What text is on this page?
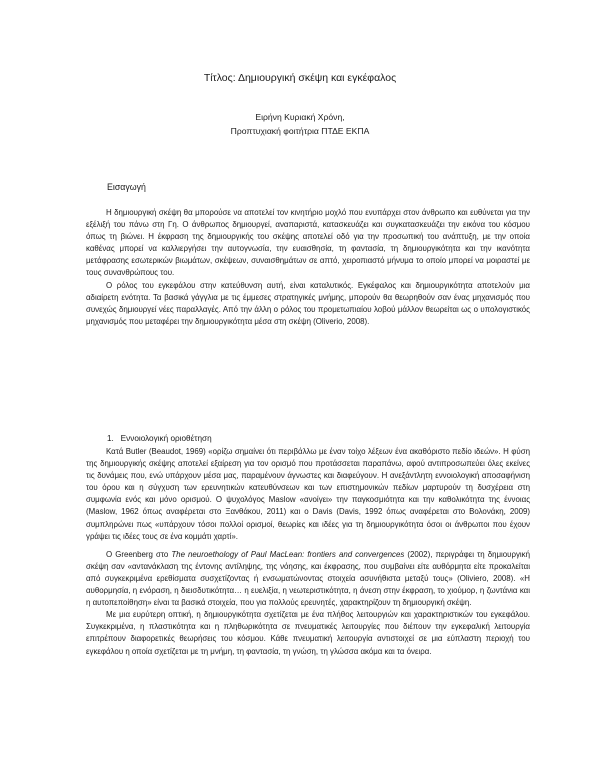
Τίτλος: Δημιουργική σκέψη και εγκέφαλος
Ειρήνη Κυριακή Χρόνη,
Προπτυχιακή φοιτήτρια ΠΤΔΕ ΕΚΠΑ
Εισαγωγή

Η δημιουργική σκέψη θα μπορούσε να αποτελεί τον κινητήριο μοχλό που ενυπάρχει στον άνθρωπο και ευθύνεται για την εξέλιξή του πάνω στη Γη. Ο άνθρωπος δημιουργεί, αναπαριστά, κατασκευάζει και συγκατασκευάζει την εικόνα του κόσμου όπως τη βιώνει. Η έκφραση της δημιουργικής του σκέψης αποτελεί οδό για την προσωπική του ανάπτυξη, με την οποία καθένας μπορεί να καλλιεργήσει την αυτογνωσία, την ευαισθησία, τη φαντασία, τη δημιουργικότητα και την ικανότητα μετάφρασης εσωτερικών βιωμάτων, σκέψεων, συναισθημάτων σε απτό, χειροπιαστό μήνυμα το οποίο μπορεί να μοιραστεί με τους συνανθρώπους του.

Ο ρόλος του εγκεφάλου στην κατεύθυνση αυτή, είναι καταλυτικός. Εγκέφαλος και δημιουργικότητα αποτελούν μια αδιαίρετη ενότητα. Τα βασικά γάγγλια με τις έμμεσες στρατηγικές μνήμης, μπορούν θα θεωρηθούν σαν ένας μηχανισμός που συνεχώς δημιουργεί νέες παραλλαγές. Από την άλλη ο ρόλος του προμετωπιαίου λοβού μάλλον θεωρείται ως ο υπολογιστικός μηχανισμός που μεταφέρει την δημιουργικότητα μέσα στη σκέψη (Oliverio, 2008).

1. Εννοιολογική οριοθέτηση

Κατά Butler (Beaudot, 1969) «ορίζω σημαίνει ότι περιβάλλω με έναν τοίχο λέξεων ένα ακαθόριστο πεδίο ιδεών». Η φύση της δημιουργικής σκέψης αποτελεί εξαίρεση για τον ορισμό που προτάσσεται παραπάνω, αφού αντιπροσωπεύει όλες εκείνες τις δυνάμεις που, ενώ υπάρχουν μέσα μας, παραμένουν άγνωστες και διαφεύγουν. Η ανεξάντλητη εννοιολογική αποσαφήνιση του όρου και η σύγχυση των ερευνητικών κατευθύνσεων και των επιστημονικών πεδίων μαρτυρούν τη δυσχέρεια στη συμφωνία ενός και μόνο ορισμού. Ο ψυχολόγος Maslow «ανοίγει» την παγκοσμιότητα και την καθολικότητα της έννοιας (Maslow, 1962 όπως αναφέρεται στο Ξανθάκου, 2011) και ο Davis (Davis, 1992 όπως αναφέρεται στο Βολονάκη, 2009) συμπληρώνει πως «υπάρχουν τόσοι πολλοί ορισμοί, θεωρίες και ιδέες για τη δημιουργικότητα όσοι οι άνθρωποι που έχουν γράψει τις ιδέες τους σε ένα κομμάτι χαρτί».

O Greenberg στο The neuroethology of Paul MacLean: frontiers and convergences (2002), περιγράφει τη δημιουργική σκέψη σαν «αντανάκλαση της έντονης αντίληψης, της νόησης, και έκφρασης, που συμβαίνει είτε αυθόρμητα είτε προκαλείται από συγκεκριμένα ερεθίσματα συσχετίζοντας ή ενσωματώνοντας στοιχεία ασυνήθιστα μεταξύ τους» (Oliviero, 2008). «Η αυθορμησία, η ενόραση, η διεισδυτικότητα… η ευελιξία, η νεωτεριστικότητα, η άνεση στην έκφραση, το χιούμορ, η ζωντάνια και η αυτοπεποίθηση» είναι τα βασικά στοιχεία, που για πολλούς ερευνητές, χαρακτηρίζουν τη δημιουργική σκέψη.

Με μια ευρύτερη οπτική, η δημιουργικότητα σχετίζεται με ένα πλήθος λειτουργιών και χαρακτηριστικών του εγκεφάλου. Συγκεκριμένα, η πλαστικότητα και η πληθωρικότητα σε πνευματικές λειτουργίες που διέπουν την εγκεφαλική λειτουργία επιτρέπουν διαφορετικές θεωρήσεις του κόσμου. Κάθε πνευματική λειτουργία αντιστοιχεί σε μια εύπλαστη περιοχή του εγκεφάλου η οποία σχετίζεται με τη μνήμη, τη φαντασία, τη γνώση, τη γλώσσα ακόμα και τα όνειρα.
